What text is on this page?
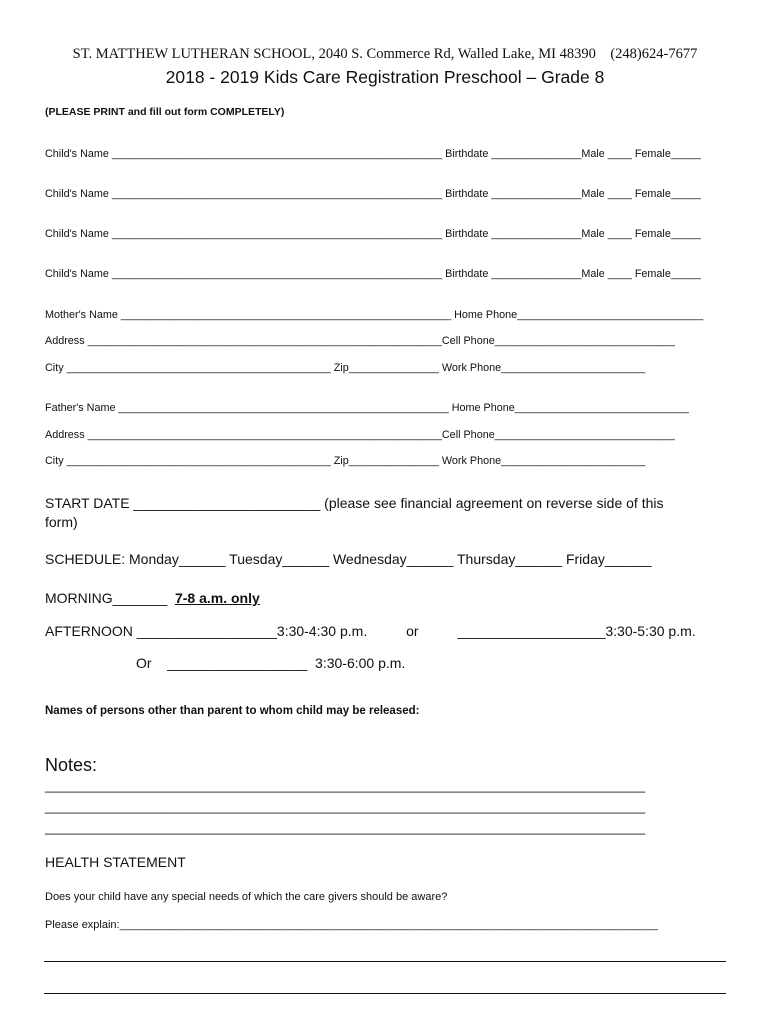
ST. MATTHEW LUTHERAN SCHOOL, 2040 S. Commerce Rd, Walled Lake, MI 48390    (248)624-7677
2018 - 2019 Kids Care Registration Preschool – Grade 8
(PLEASE PRINT and fill out form COMPLETELY)
Child's Name _______________________________________________________ Birthdate _______________Male ____ Female_____
Child's Name _______________________________________________________ Birthdate _______________Male ____ Female_____
Child's Name _______________________________________________________ Birthdate _______________Male ____ Female_____
Child's Name _______________________________________________________ Birthdate _______________Male ____ Female_____
Mother's Name _______________________________________________________ Home Phone_______________________________
Address ___________________________________________________________Cell Phone______________________________
City ____________________________________________ Zip_______________ Work Phone________________________
Father's Name _______________________________________________________ Home Phone_____________________________
Address ___________________________________________________________Cell Phone______________________________
City ____________________________________________ Zip_______________ Work Phone________________________
START DATE ________________________ (please see financial agreement on reverse side of this
form)
SCHEDULE: Monday______ Tuesday______ Wednesday______ Thursday______ Friday______
MORNING_______ 7-8 a.m. only
AFTERNOON __________________3:30-4:30 p.m.          or          ___________________3:30-5:30 p.m.
Or    __________________  3:30-6:00 p.m.
Names of persons other than parent to whom child may be released:
Notes:
___________________________________________________________________________________
___________________________________________________________________________________
___________________________________________________________________________________
HEALTH STATEMENT
Does your child have any special needs of which the care givers should be aware?
Please explain:________________________________________________________________________________________
